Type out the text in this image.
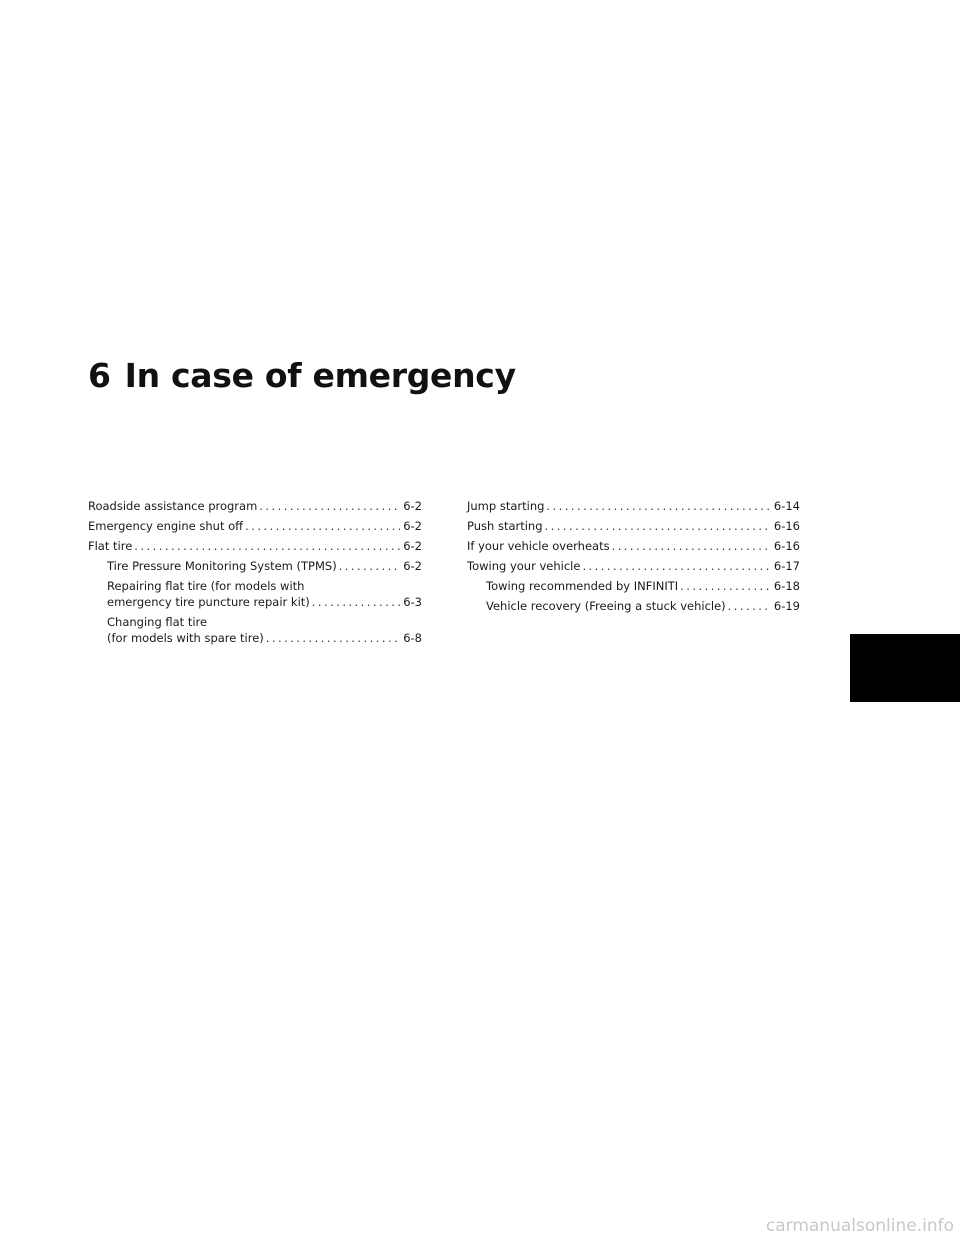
6 In case of emergency
Roadside assistance program . . .	6-2
Emergency engine shut off . . .	6-2
Flat tire . . .	6-2
Tire Pressure Monitoring System (TPMS) . . .	6-2
Repairing flat tire (for models with
emergency tire puncture repair kit) . . .	6-3
Changing flat tire
(for models with spare tire) . . .	6-8
Jump starting . . .	6-14
Push starting . . .	6-16
If your vehicle overheats . . .	6-16
Towing your vehicle . . .	6-17
Towing recommended by INFINITI . . .	6-18
Vehicle recovery (Freeing a stuck vehicle) . . .	6-19
carmanualsonline.info
